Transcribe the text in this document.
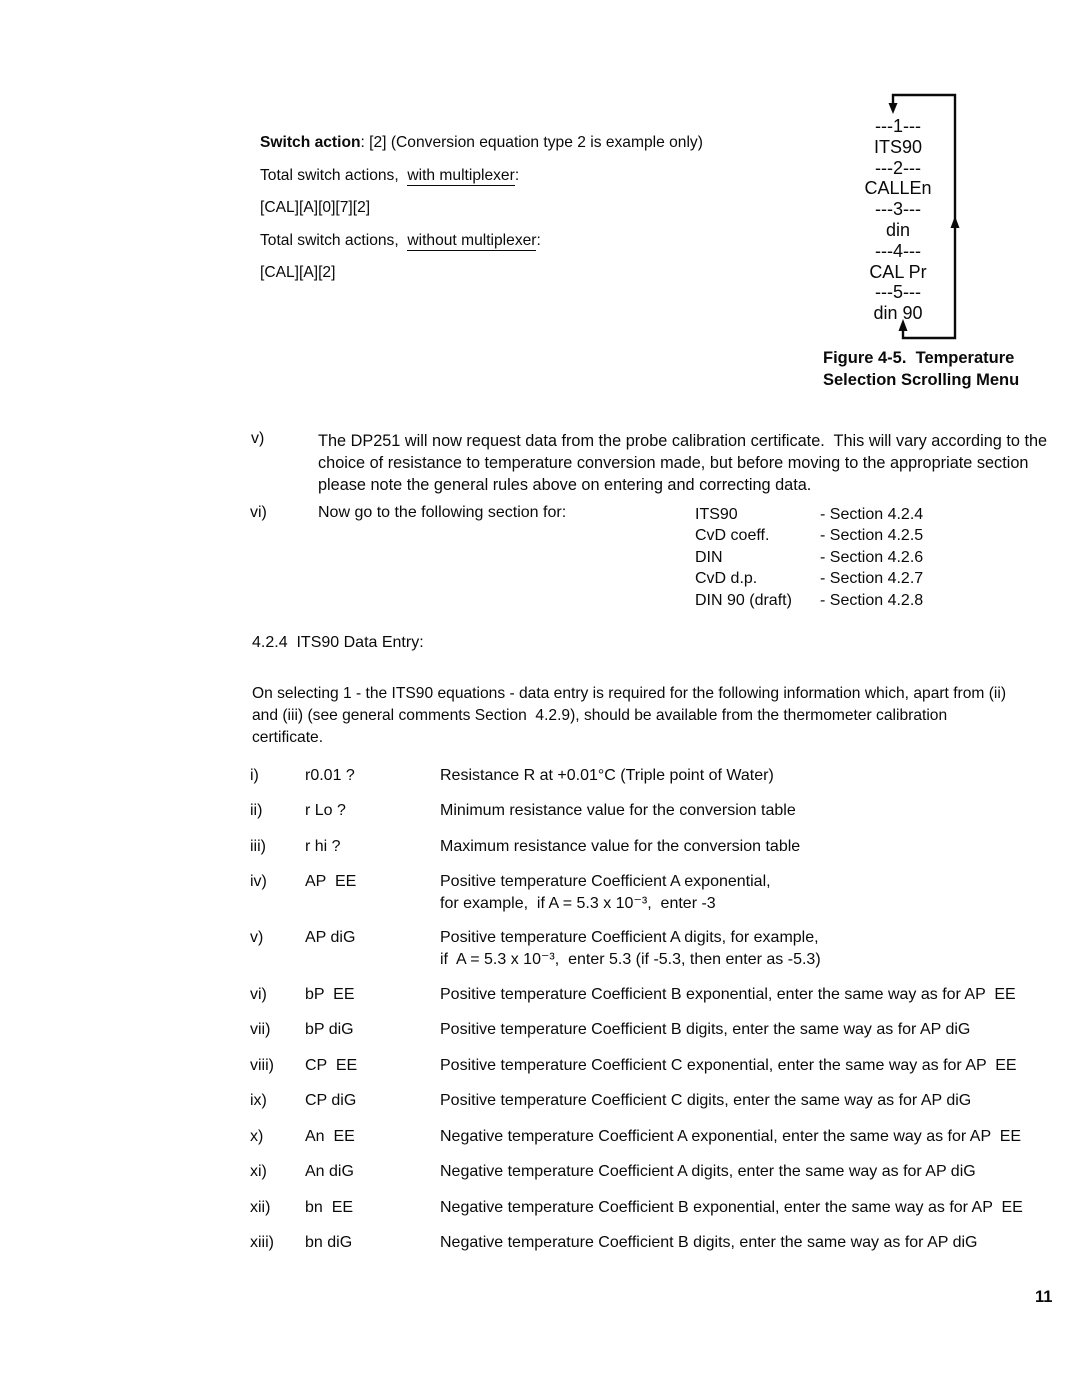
Switch action: [2] (Conversion equation type 2 is example only)
Total switch actions,  with multiplexer:
[CAL][A][0][7][2]
Total switch actions,  without multiplexer:
[CAL][A][2]
---1---
ITS90
---2---
CALLEn
---3---
din
---4---
CAL Pr
---5---
din 90
Figure 4-5.  Temperature
Selection Scrolling Menu
v)	The DP251 will now request data from the probe calibration certificate.  This will vary according to the
choice of resistance to temperature conversion made, but before moving to the appropriate section
please note the general rules above on entering and correcting data.
vi)	Now go to the following section for:	ITS90	- Section 4.2.4
CvD coeff.	- Section 4.2.5
DIN	- Section 4.2.6
CvD d.p.	- Section 4.2.7
DIN 90 (draft) - Section 4.2.8
4.2.4  ITS90 Data Entry:
On selecting 1 - the ITS90 equations - data entry is required for the following information which, apart from (ii)
and (iii) (see general comments Section  4.2.9), should be available from the thermometer calibration
certificate.
i)	r0.01 ?	Resistance R at +0.01°C (Triple point of Water)
ii)	r Lo ?	Minimum resistance value for the conversion table
iii) r hi ?	Maximum resistance value for the conversion table
iv) AP  EE	Positive temperature Coefficient A exponential,
for example,  if A = 5.3 x 10⁻³,  enter -3
v)	AP diG	Positive temperature Coefficient A digits, for example,
if  A = 5.3 x 10⁻³,  enter 5.3 (if -5.3, then enter as -5.3)
vi) bP  EE	Positive temperature Coefficient B exponential, enter the same way as for AP  EE
vii) bP diG	Positive temperature Coefficient B digits, enter the same way as for AP diG
viii) CP  EE	Positive temperature Coefficient C exponential, enter the same way as for AP  EE
ix) CP diG	Positive temperature Coefficient C digits, enter the same way as for AP diG
x)	An  EE	Negative temperature Coefficient A exponential, enter the same way as for AP  EE
xi) An diG	Negative temperature Coefficient A digits, enter the same way as for AP diG
xii) bn  EE	Negative temperature Coefficient B exponential, enter the same way as for AP  EE
xiii) bn diG	Negative temperature Coefficient B digits, enter the same way as for AP diG
11
